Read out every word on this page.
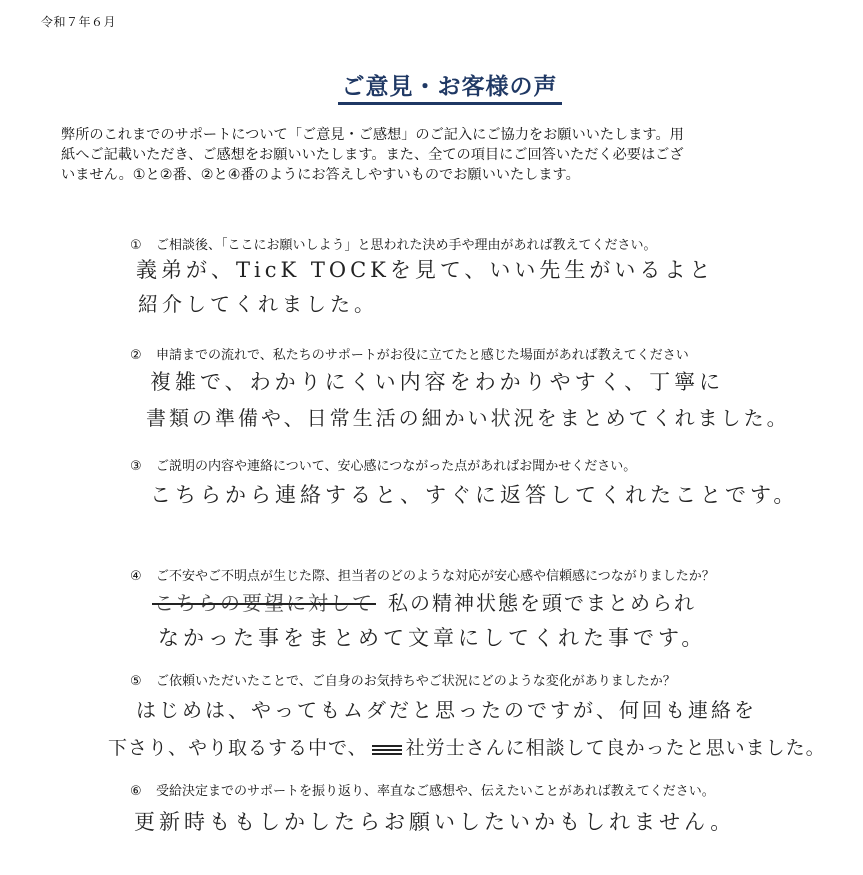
令和７年６月
ご意見・お客様の声

弊所のこれまでのサポートについて「ご意見・ご感想」のご記入にご協力をお願いいたします。用

紙へご記載いただき、ご感想をお願いいたします。また、全ての項目にご回答いただく必要はござ

いません。①と②番、②と④番のようにお答えしやすいものでお願いいたします。

① ご相談後、「ここにお願いしよう」と思われた決め手や理由があれば教えてください。
義弟が、TicK TOCKを見て、いい先生がいるよと
紹介してくれました。
② 申請までの流れで、私たちのサポートがお役に立てたと感じた場面があれば教えてください
複雑で、わかりにくい内容をわかりやすく、丁寧に
書類の準備や、日常生活の細かい状況をまとめてくれました。
③ ご説明の内容や連絡について、安心感につながった点があればお聞かせください。
こちらから連絡すると、すぐに返答してくれたことです。
④ ご不安やご不明点が生じた際、担当者のどのような対応が安心感や信頼感につながりましたか？
こちらの要望に対して 私の精神状態を頭でまとめられ
なかった事をまとめて文章にしてくれた事です。
⑤ ご依頼いただいたことで、ご自身のお気持ちやご状況にどのような変化がありましたか？
はじめは、やってもムダだと思ったのですが、何回も連絡を
下さり、やり取るする中で、 社労士さんに相談して良かったと思いました。
⑥ 受給決定までのサポートを振り返り、率直なご感想や、伝えたいことがあれば教えてください。
更新時ももしかしたらお願いしたいかもしれません。
